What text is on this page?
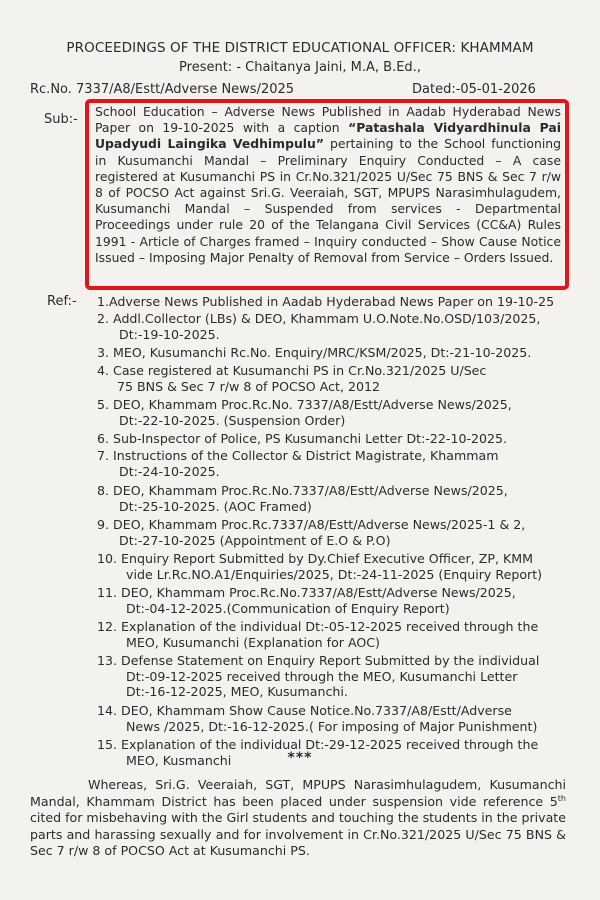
PROCEEDINGS OF THE DISTRICT EDUCATIONAL OFFICER: KHAMMAM
Present: - Chaitanya Jaini, M.A, B.Ed.,
Rc.No. 7337/A8/Estt/Adverse News/2025	Dated:-05-01-2026
Sub:-
School Education – Adverse News Published in Aadab Hyderabad News Paper on 19-10-2025 with a caption “Patashala Vidyardhinula Pai Upadyudi Laingika Vedhimpulu” pertaining to the School functioning in Kusumanchi Mandal – Preliminary Enquiry Conducted – A case registered at Kusumanchi PS in Cr.No.321/2025 U/Sec 75 BNS & Sec 7 r/w 8 of POCSO Act against Sri.G. Veeraiah, SGT, MPUPS Narasimhulagudem, Kusumanchi Mandal – Suspended from services - Departmental Proceedings under rule 20 of the Telangana Civil Services (CC&A) Rules 1991 - Article of Charges framed – Inquiry conducted – Show Cause Notice Issued – Imposing Major Penalty of Removal from Service – Orders Issued.
Ref:- 1.Adverse News Published in Aadab Hyderabad News Paper on 19-10-25
2. Addl.Collector (LBs) & DEO, Khammam U.O.Note.No.OSD/103/2025,
Dt:-19-10-2025.
3. MEO, Kusumanchi Rc.No. Enquiry/MRC/KSM/2025, Dt:-21-10-2025.
4. Case registered at Kusumanchi PS in Cr.No.321/2025 U/Sec
75 BNS & Sec 7 r/w 8 of POCSO Act, 2012
5. DEO, Khammam Proc.Rc.No. 7337/A8/Estt/Adverse News/2025,
Dt:-22-10-2025. (Suspension Order)
6. Sub-Inspector of Police, PS Kusumanchi Letter Dt:-22-10-2025.
7. Instructions of the Collector & District Magistrate, Khammam
Dt:-24-10-2025.
8. DEO, Khammam Proc.Rc.No.7337/A8/Estt/Adverse News/2025,
Dt:-25-10-2025. (AOC Framed)
9. DEO, Khammam Proc.Rc.7337/A8/Estt/Adverse News/2025-1 & 2,
Dt:-27-10-2025 (Appointment of E.O & P.O)
10. Enquiry Report Submitted by Dy.Chief Executive Officer, ZP, KMM
vide Lr.Rc.NO.A1/Enquiries/2025, Dt:-24-11-2025 (Enquiry Report)
11. DEO, Khammam Proc.Rc.No.7337/A8/Estt/Adverse News/2025,
Dt:-04-12-2025.(Communication of Enquiry Report)
12. Explanation of the individual Dt:-05-12-2025 received through the
MEO, Kusumanchi (Explanation for AOC)
13. Defense Statement on Enquiry Report Submitted by the individual
Dt:-09-12-2025 received through the MEO, Kusumanchi Letter
Dt:-16-12-2025, MEO, Kusumanchi.
14. DEO, Khammam Show Cause Notice.No.7337/A8/Estt/Adverse
News /2025, Dt:-16-12-2025.( For imposing of Major Punishment)
15. Explanation of the individual Dt:-29-12-2025 received through the
MEO, Kusmanchi	***
Whereas, Sri.G. Veeraiah, SGT, MPUPS Narasimhulagudem, Kusumanchi Mandal, Khammam District has been placed under suspension vide reference 5th cited for misbehaving with the Girl students and touching the students in the private parts and harassing sexually and for involvement in Cr.No.321/2025 U/Sec 75 BNS & Sec 7 r/w 8 of POCSO Act at Kusumanchi PS.
